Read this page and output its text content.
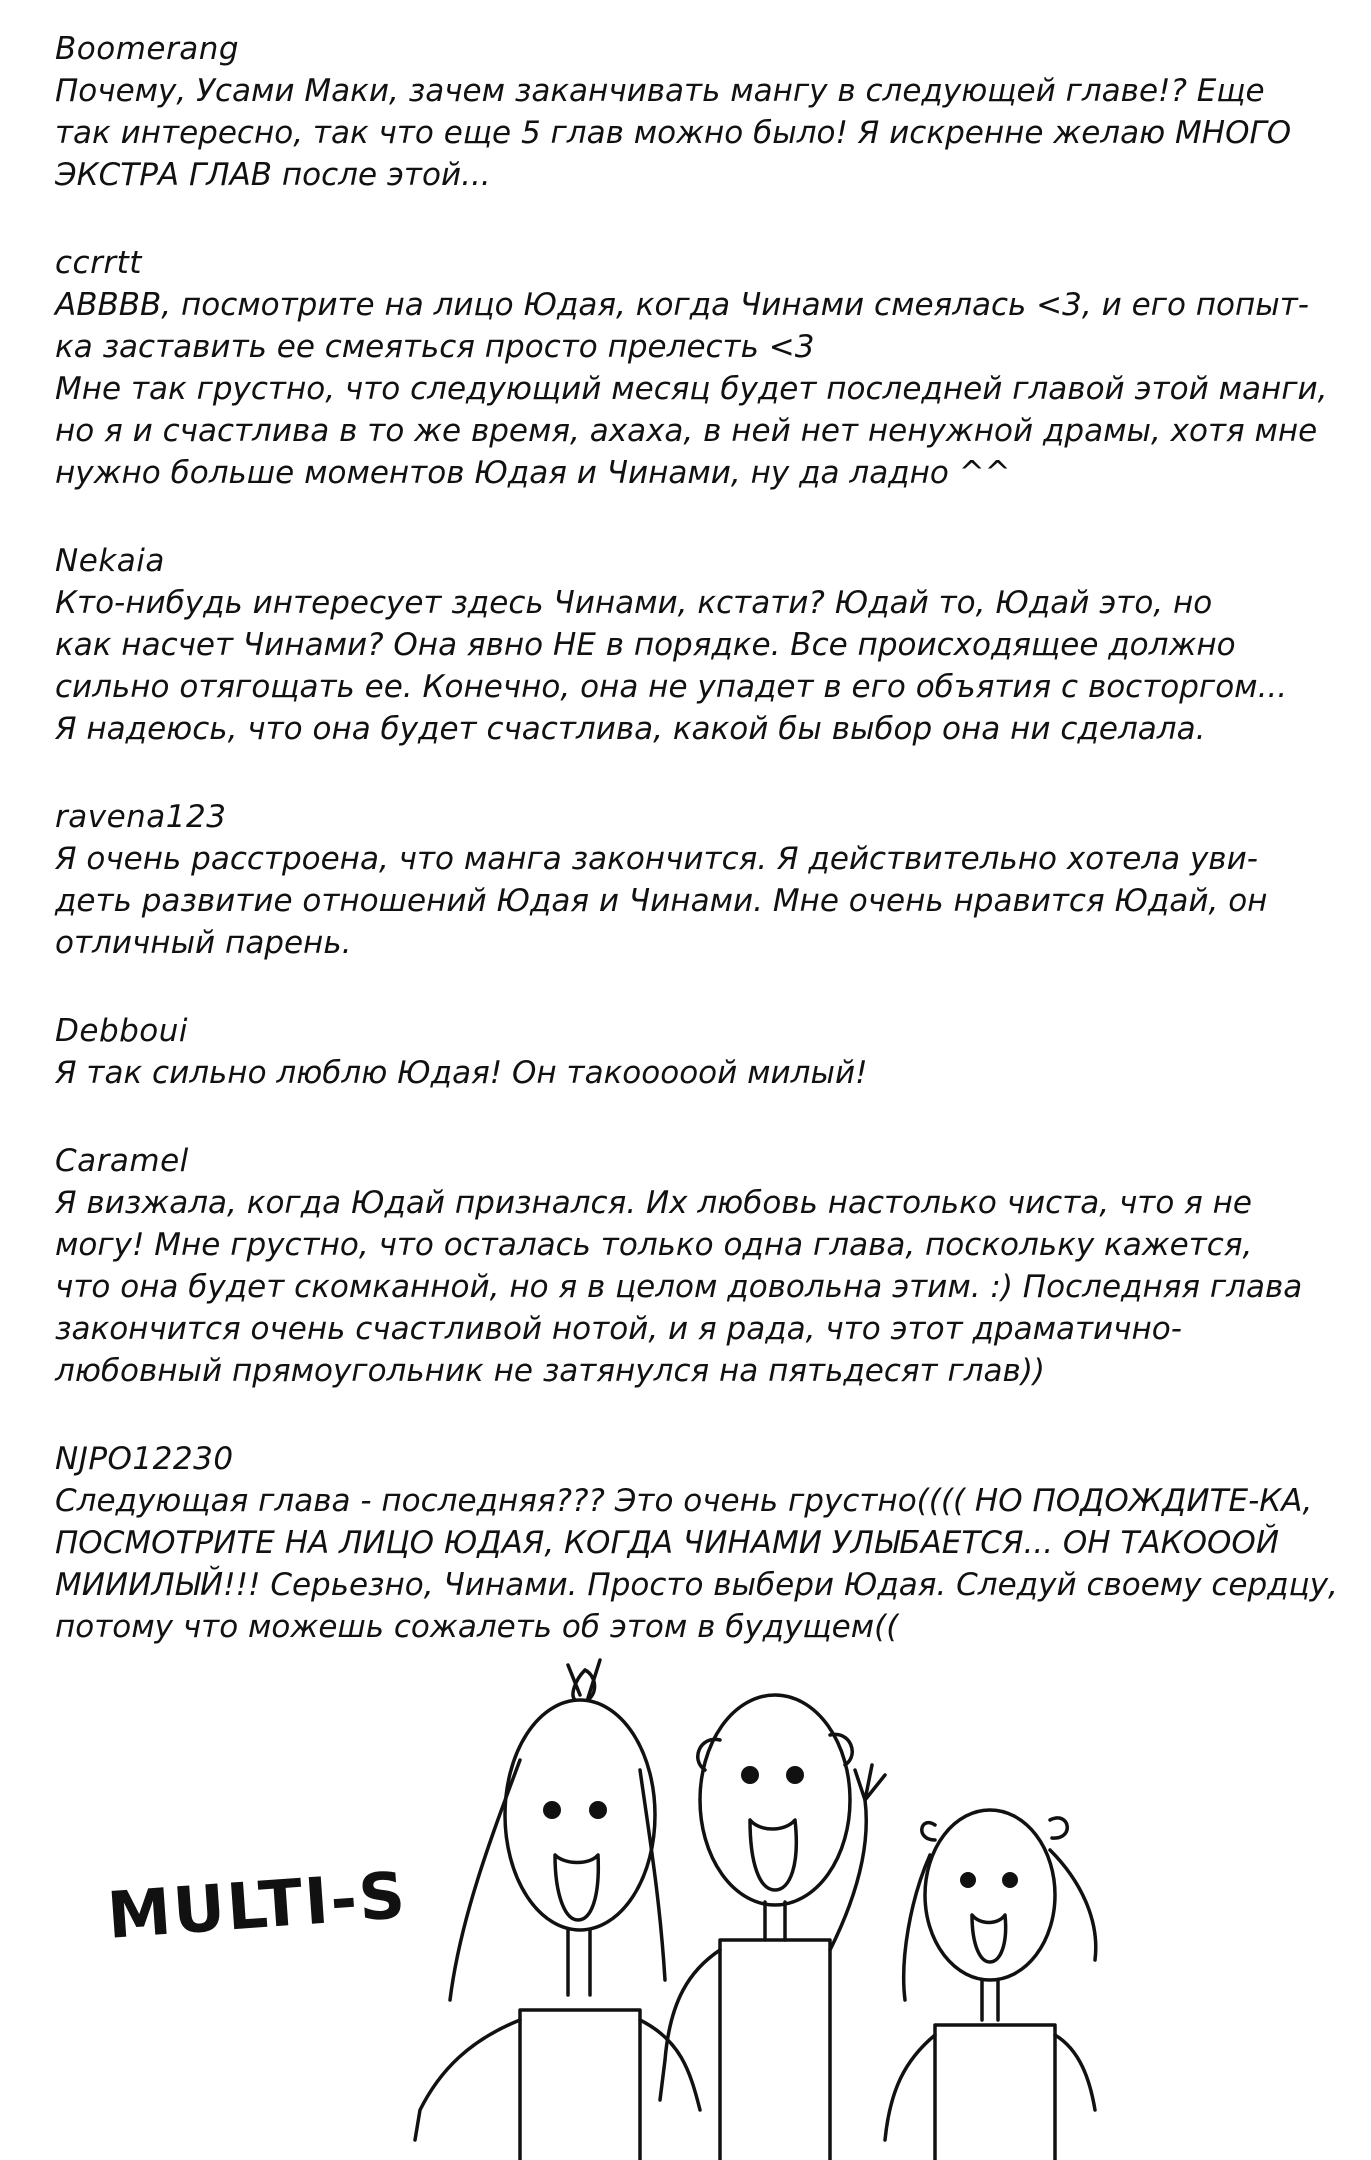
Boomerang

Почему, Усами Маки, зачем заканчивать мангу в следующей главе!? Еще

так интересно, так что еще 5 глав можно было! Я искренне желаю МНОГО

ЭКСТРА ГЛАВ после этой...

ccrrtt

АВВВВ, посмотрите на лицо Юдая, когда Чинами смеялась <3, и его попыт-

ка заставить ее смеяться просто прелесть <3

Мне так грустно, что следующий месяц будет последней главой этой манги,

но я и счастлива в то же время, ахаха, в ней нет ненужной драмы, хотя мне

нужно больше моментов Юдая и Чинами, ну да ладно ^^

Nekaia

Кто-нибудь интересует здесь Чинами, кстати? Юдай то, Юдай это, но

как насчет Чинами? Она явно НЕ в порядке. Все происходящее должно

сильно отягощать ее. Конечно, она не упадет в его объятия с восторгом...

Я надеюсь, что она будет счастлива, какой бы выбор она ни сделала.

ravena123

Я очень расстроена, что манга закончится. Я действительно хотела уви-

деть развитие отношений Юдая и Чинами. Мне очень нравится Юдай, он

отличный парень.

Debboui

Я так сильно люблю Юдая! Он такооооой милый!

Caramel

Я визжала, когда Юдай признался. Их любовь настолько чиста, что я не

могу! Мне грустно, что осталась только одна глава, поскольку кажется,

что она будет скомканной, но я в целом довольна этим. :) Последняя глава

закончится очень счастливой нотой, и я рада, что этот драматично-

любовный прямоугольник не затянулся на пятьдесят глав))

NJPO12230

Следующая глава - последняя??? Это очень грустно(((( НО ПОДОЖДИТЕ-КА,

ПОСМОТРИТЕ НА ЛИЦО ЮДАЯ, КОГДА ЧИНАМИ УЛЫБАЕТСЯ... ОН ТАКОООЙ

МИИИЛЫЙ!!! Серьезно, Чинами. Просто выбери Юдая. Следуй своему сердцу,

потому что можешь сожалеть об этом в будущем((

MULTI-S
